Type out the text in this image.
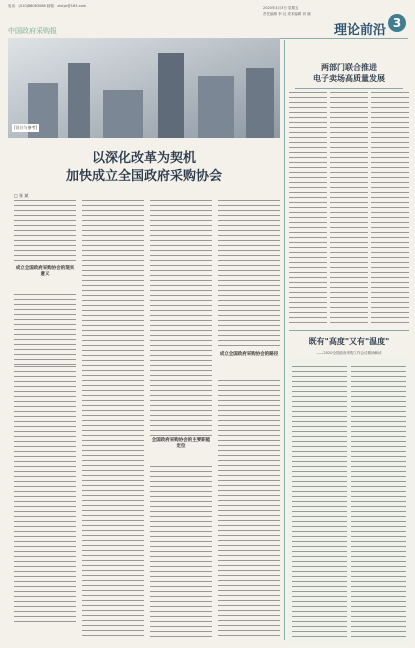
电话：(010)68083086 邮箱：zlxlyk@163.com	2020年4月3日 星期五
责任编辑 李 汉 美术编辑 刘 晓
中国政府采购报	理论前沿 3
[设计与参考]
以深化改革为契机
加快成立全国政府采购协会
□ 张 斌
成立全国政府采购协会的现实意义
全国政府采购协会的主要职能定位
成立全国政府采购协会的路径
两部门联合推进
电子卖场高质量发展
既有"高度"又有"温度"
——2020全国政府采购工作会议精神解读
